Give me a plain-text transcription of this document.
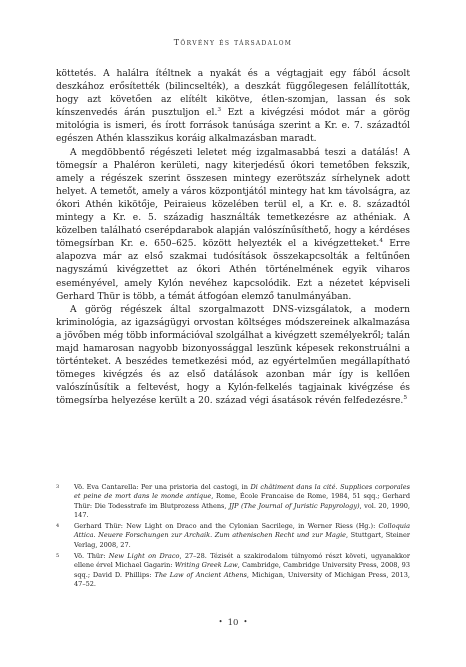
Törvény és társadalom

köttetés. A halálra ítéltnek a nyakát és a végtagjait egy fából ácsolt deszkához erősítették (bilincselték), a deszkát függőlegesen felállították, hogy azt követően az elítélt kikötve, étlen-szomjan, lassan és sok kínszenvedés árán pusztuljon el.$^3$ Ezt a kivégzési módot már a görög mitológia is ismeri, és írott források tanúsága szerint a Kr. e. 7. századtól egészen Athén klasszikus koráig alkalmazásban maradt.

A megdöbbentő régészeti leletet még izgalmasabbá teszi a datálás! A tömegsír a Phaléron kerületi, nagy kiterjedésű ókori temetőben fekszik, amely a régészek szerint összesen mintegy ezerötszáz sírhelynek adott helyet. A temetőt, amely a város központjától mintegy hat km távolságra, az ókori Athén kikötője, Peiraieus közelében terül el, a Kr. e. 8. századtól mintegy a Kr. e. 5. századig használták temetkezésre az athéniak. A közelben található cserépdarabok alapján valószínűsíthető, hogy a kérdéses tömegsírban Kr. e. 650–625. között helyezték el a kivégzetteket.$^4$ Erre alapozva már az első szakmai tudósítások összekapcsolták a feltűnően nagyszámú kivégzettet az ókori Athén történelmének egyik viharos eseményével, amely Kylón nevéhez kapcsolódik. Ezt a nézetet képviseli Gerhard Thür is több, a témát átfogóan elemző tanulmányában.

A görög régészek által szorgalmazott DNS-vizsgálatok, a modern kriminológia, az igazságügyi orvostan költséges módszereinek alkalmazása a jövőben még több információval szolgálhat a kivégzett személyekről; talán majd hamarosan nagyobb bizonyossággal leszünk képesek rekonstruálni a történteket. A beszédes temetkezési mód, az egyértelműen megállapítható tömeges kivégzés és az első datálások azonban már így is kellően valószínűsítik a feltevést, hogy a Kylón-felkelés tagjainak kivégzése és tömegsírba helyezése került a 20. század végi ásatások révén felfedezésre.$^5$

3 Vö. Eva Cantarella: Per una pristoria del castogi, in Di châtiment dans la cité. Supplices corporales et peine de mort dans le monde antique, Rome, École Francaise de Rome, 1984, 51 sqq.; Gerhard Thür: Die Todesstrafe im Blutprozess Athens, JJP (The Journal of Juristic Papyrology), vol. 20, 1990, 147.
4 Gerhard Thür: New Light on Draco and the Cylonian Sacrilege, in Werner Riess (Hg.): Colloquia Attica. Neuere Forschungen zur Archaik. Zum athenischen Recht und zur Magie, Stuttgart, Steiner Verlag, 2008, 27.
5 Vö. Thür: New Light on Draco, 27–28. Tézisét a szakirodalom túlnyomó részt követi, ugyanakkor ellene érvel Michael Gagarin: Writing Greek Law, Cambridge, Cambridge University Press, 2008, 93 sqq.; David D. Phillips: The Law of Ancient Athens, Michigan, University of Michigan Press, 2013, 47–52.
• 10 •
